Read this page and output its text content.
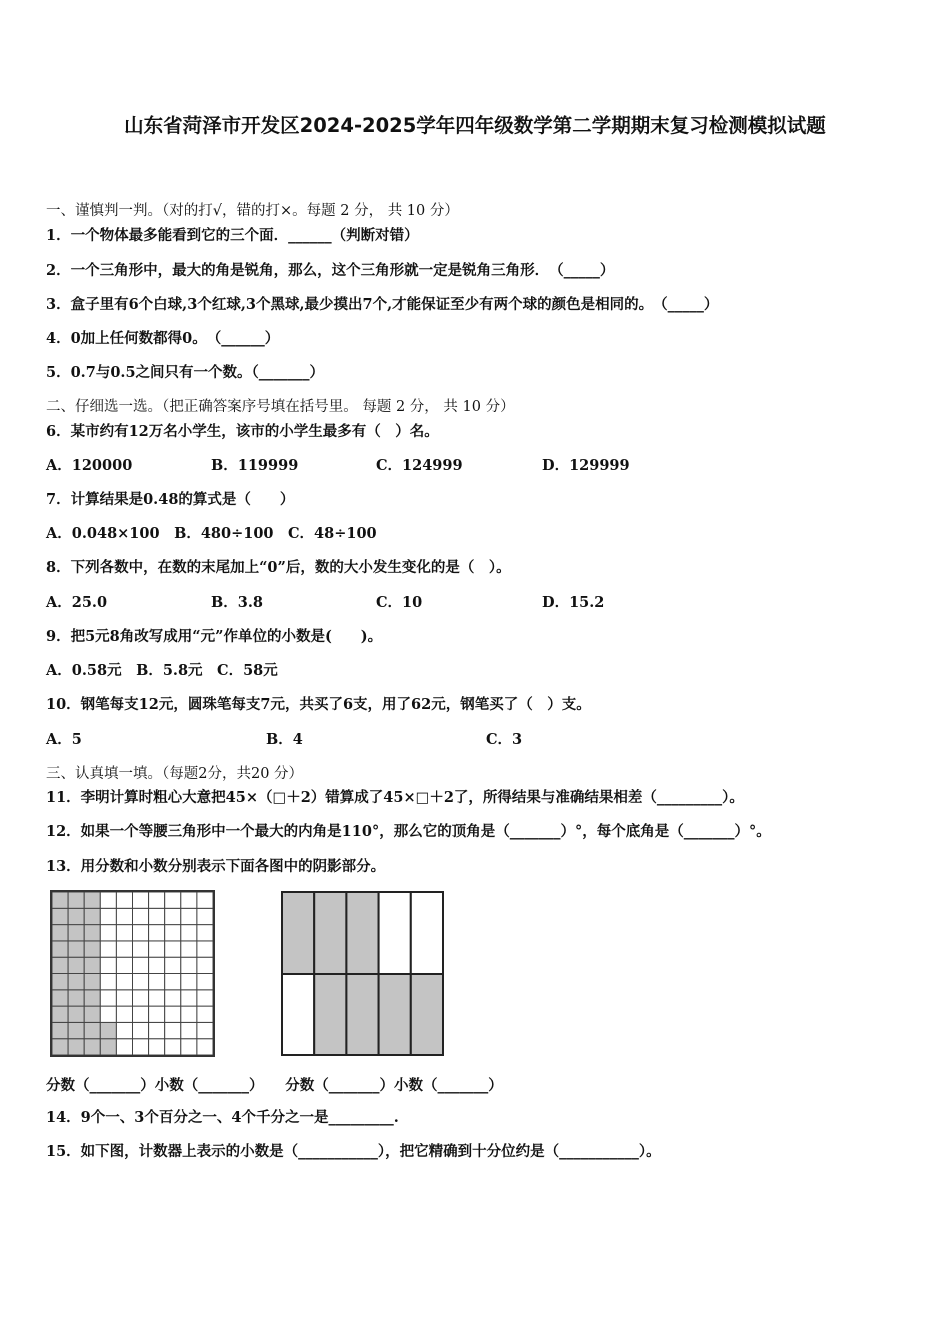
山东省菏泽市开发区2024-2025学年四年级数学第二学期期末复习检测模拟试题
一、谨慎判一判。（对的打√，错的打×。每题 2 分， 共 10 分）
1．一个物体最多能看到它的三个面．______（判断对错）
2．一个三角形中，最大的角是锐角，那么，这个三角形就一定是锐角三角形．　（_____）
3．盒子里有6个白球,3个红球,3个黑球,最少摸出7个,才能保证至少有两个球的颜色是相同的。　（_____）
4．0加上任何数都得0。　（______）
5．0.7与0.5之间只有一个数。（_______）
二、仔细选一选。（把正确答案序号填在括号里。 每题 2 分， 共 10 分）
6．某市约有12万名小学生，该市的小学生最多有（　）名。
A．120000	B．119999	C．124999	D．129999
7．计算结果是0.48的算式是（　　）
A．0.048×100　B．480÷100　C．48÷100
8．下列各数中，在数的末尾加上“0”后，数的大小发生变化的是（　）。
A．25.0	B．3.8	C．10	D．15.2
9．把5元8角改写成用“元”作单位的小数是(　　)。
A．0.58元　B．5.8元　C．58元
10．钢笔每支12元，圆珠笔每支7元，共买了6支，用了62元，钢笔买了（　）支。
A．5	B．4	C．3
三、认真填一填。（每题2分，共20 分）
11．李明计算时粗心大意把45×（□＋2）错算成了45×□＋2了，所得结果与准确结果相差（_________）。
12．如果一个等腰三角形中一个最大的内角是110°，那么它的顶角是（_______）°，每个底角是（_______）°。
13．用分数和小数分别表示下面各图中的阴影部分。
分数（_______）小数（_______）　　分数（_______）小数（_______）
14．9个一、3个百分之一、4个千分之一是_________.
15．如下图，计数器上表示的小数是（___________），把它精确到十分位约是（___________）。
